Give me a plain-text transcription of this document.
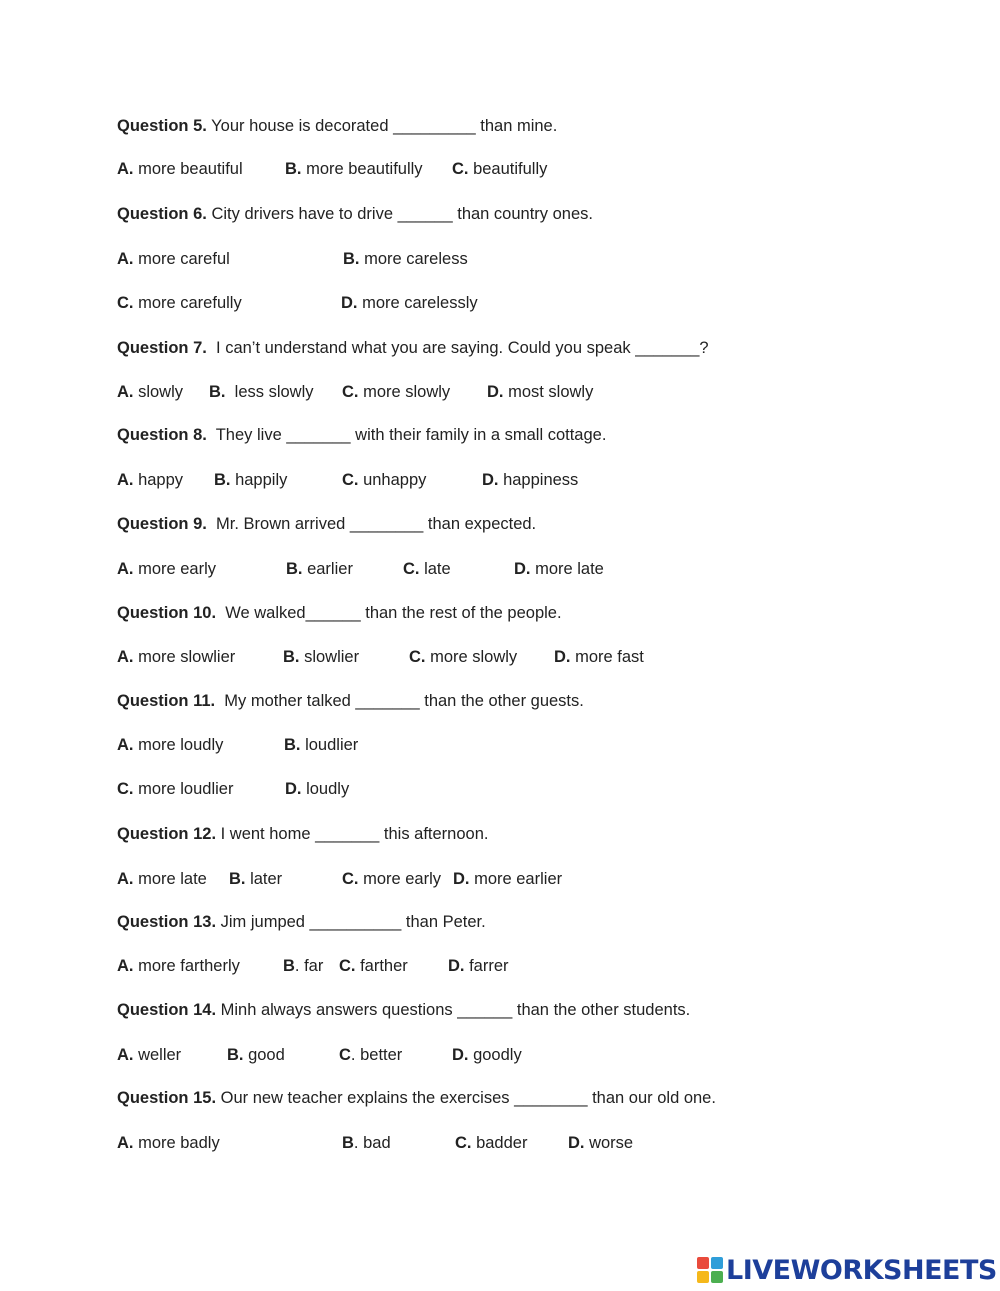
Question 5. Your house is decorated _________ than mine.

A. more beautiful

	B. more beautifully

C. beautifully

Question 6. City drivers have to drive ______ than country ones.

A. more careful

	B. more careless

C. more carefully

	D. more carelessly

Question 7.  I can’t understand what you are saying. Could you speak _______?

A. slowly

B.  less slowly

C. more slowly

D. most slowly

Question 8.  They live _______ with their family in a small cottage.

A. happy

B. happily

	C. unhappy

	D. happiness

Question 9.  Mr. Brown arrived ________ than expected.

A. more early

	B. earlier

	C. late

	D. more late

Question 10.  We walked______ than the rest of the people.

A. more slowlier

	B. slowlier

	C. more slowly

D. more fast

Question 11.  My mother talked _______ than the other guests.

A. more loudly

	B. loudlier

C. more loudlier

	D. loudly

Question 12. I went home _______ this afternoon.

A. more late

B. later

	C. more early

D. more earlier

Question 13. Jim jumped __________ than Peter.

A. more fartherly

	B. far

C. farther

D. farrer

Question 14. Minh always answers questions ______ than the other students.

A. weller

	B. good

	C. better

	D. goodly

Question 15. Our new teacher explains the exercises ________ than our old one.

A. more badly

	B. bad

	C. badder

D. worse

LIVEWORKSHEETS
